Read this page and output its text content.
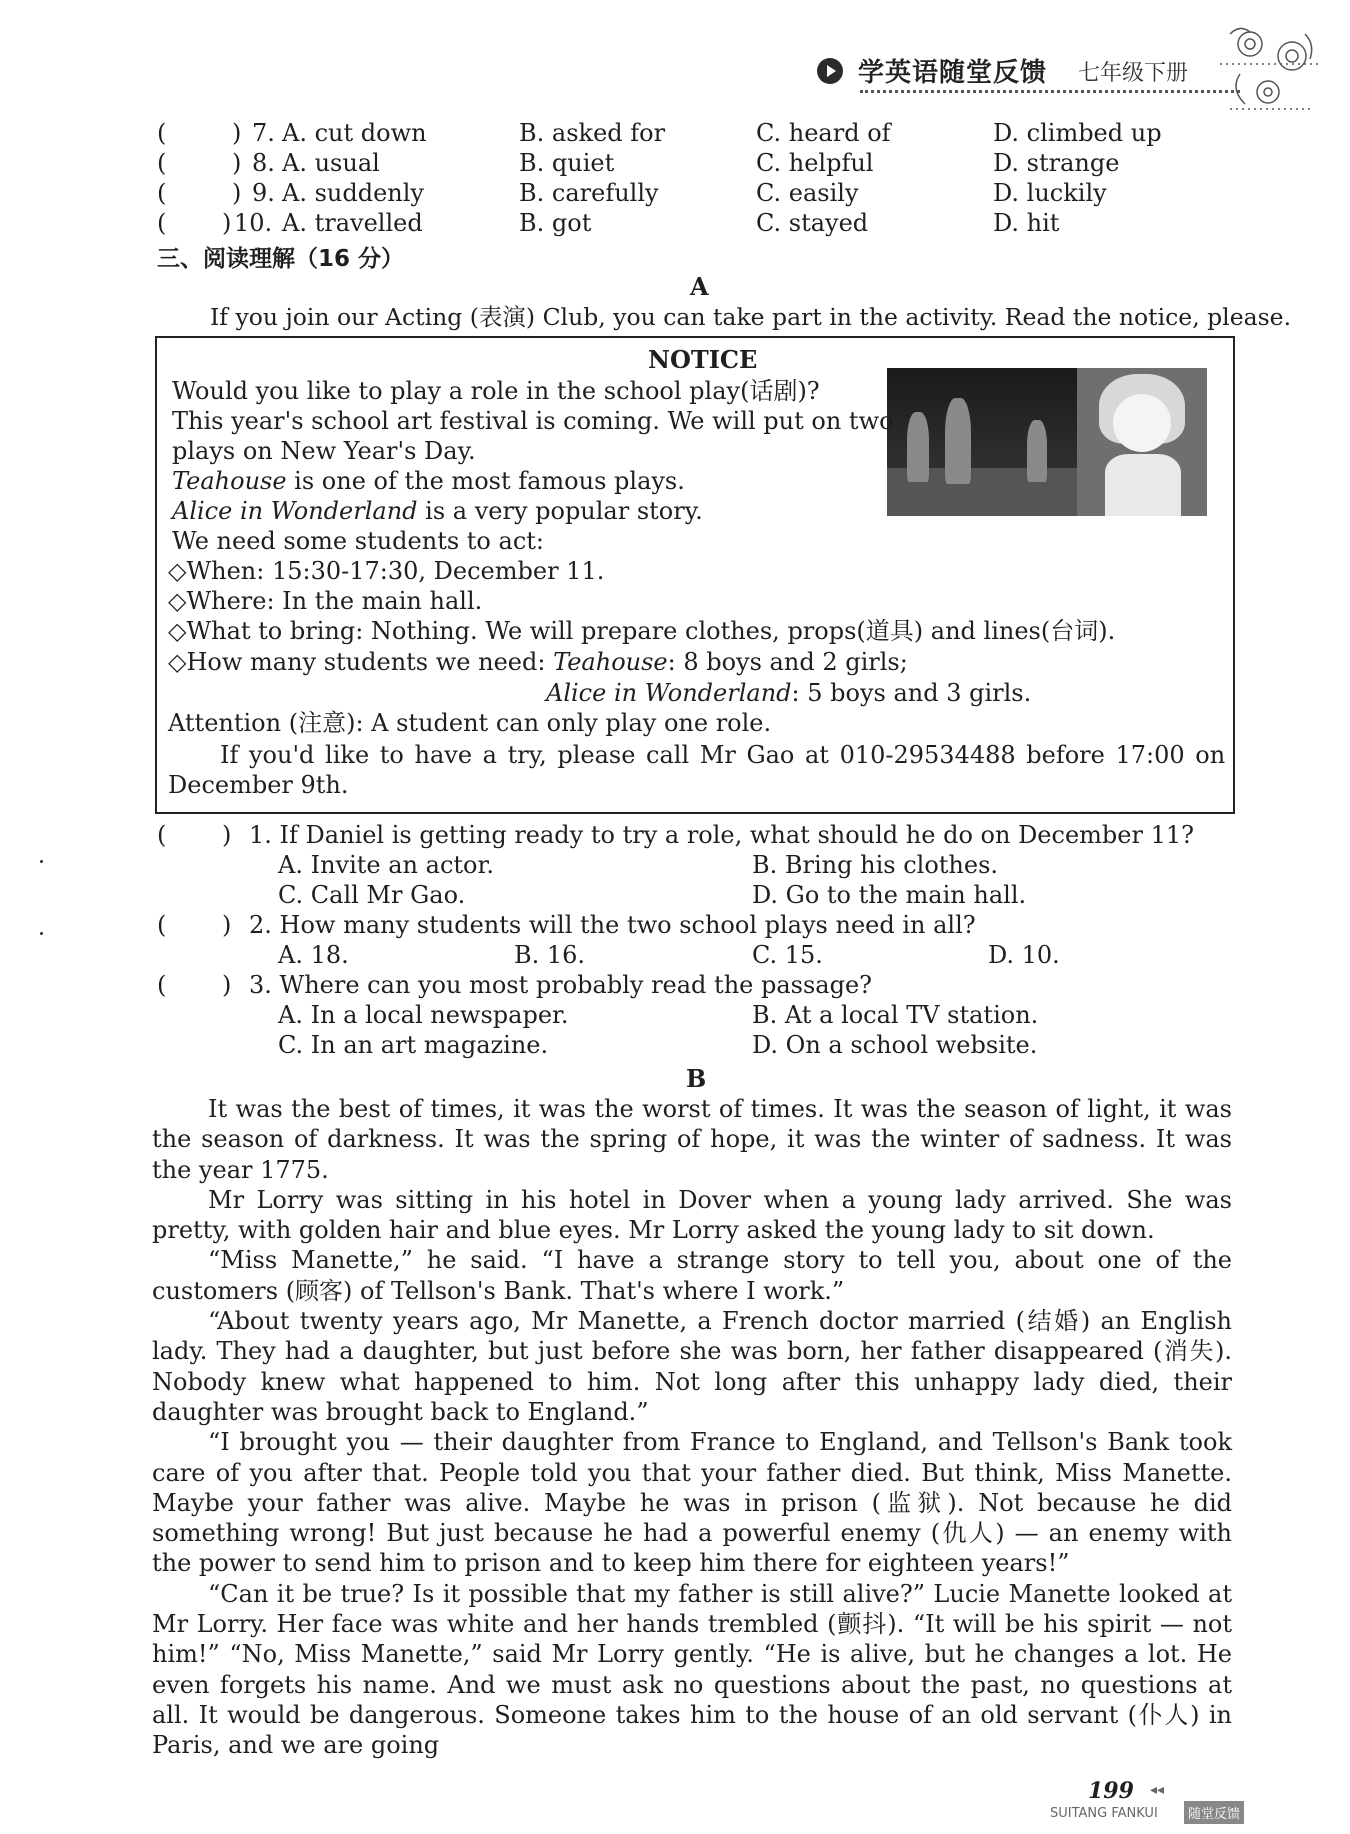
学英语随堂反馈 七年级下册
(	) 7. A. cut down	B. asked for	C. heard of	D. climbed up
(	) 8. A. usual	B. quiet	C. helpful	D. strange
(	) 9. A. suddenly	B. carefully	C. easily	D. luckily
( ) 10. A. travelled	B. got	C. stayed	D. hit
三、阅读理解（16 分）
A
If you join our Acting (表演) Club, you can take part in the activity. Read the notice, please.
NOTICE
Would you like to play a role in the school play(话剧)?
This year's school art festival is coming. We will put on two
plays on New Year's Day.
Teahouse is one of the most famous plays.
Alice in Wonderland is a very popular story.
We need some students to act:
◇When: 15:30-17:30, December 11.
◇Where: In the main hall.
◇What to bring: Nothing. We will prepare clothes, props(道具) and lines(台词).
◇How many students we need: Teahouse: 8 boys and 2 girls;
Alice in Wonderland: 5 boys and 3 girls.
Attention (注意): A student can only play one role.
If you'd like to have a try, please call Mr Gao at 010-29534488 before 17:00 on
December 9th.
( ) 1. If Daniel is getting ready to try a role, what should he do on December 11?
A. Invite an actor.	B. Bring his clothes.
C. Call Mr Gao.	D. Go to the main hall.
( ) 2. How many students will the two school plays need in all?
A. 18.	B. 16.	C. 15.	D. 10.
( ) 3. Where can you most probably read the passage?
A. In a local newspaper.	B. At a local TV station.
C. In an art magazine.	D. On a school website.
B

It was the best of times, it was the worst of times. It was the season of light, it was the season of darkness. It was the spring of hope, it was the winter of sadness. It was the year 1775.

Mr Lorry was sitting in his hotel in Dover when a young lady arrived. She was pretty, with golden hair and blue eyes. Mr Lorry asked the young lady to sit down.

“Miss Manette,” he said. “I have a strange story to tell you, about one of the customers (顾客) of Tellson's Bank. That's where I work.”

“About twenty years ago, Mr Manette, a French doctor married (结婚) an English lady. They had a daughter, but just before she was born, her father disappeared (消失). Nobody knew what happened to him. Not long after this unhappy lady died, their daughter was brought back to England.”

“I brought you — their daughter from France to England, and Tellson's Bank took care of you after that. People told you that your father died. But think, Miss Manette. Maybe your father was alive. Maybe he was in prison (监狱). Not because he did something wrong! But just because he had a powerful enemy (仇人) — an enemy with the power to send him to prison and to keep him there for eighteen years!”

“Can it be true? Is it possible that my father is still alive?” Lucie Manette looked at Mr Lorry. Her face was white and her hands trembled (颤抖). “It will be his spirit — not him!” “No, Miss Manette,” said Mr Lorry gently. “He is alive, but he changes a lot. He even forgets his name. And we must ask no questions about the past, no questions at all. It would be dangerous. Someone takes him to the house of an old servant (仆人) in Paris, and we are going

199 ◂◂
SUITANG FANKUI	随堂反馈
